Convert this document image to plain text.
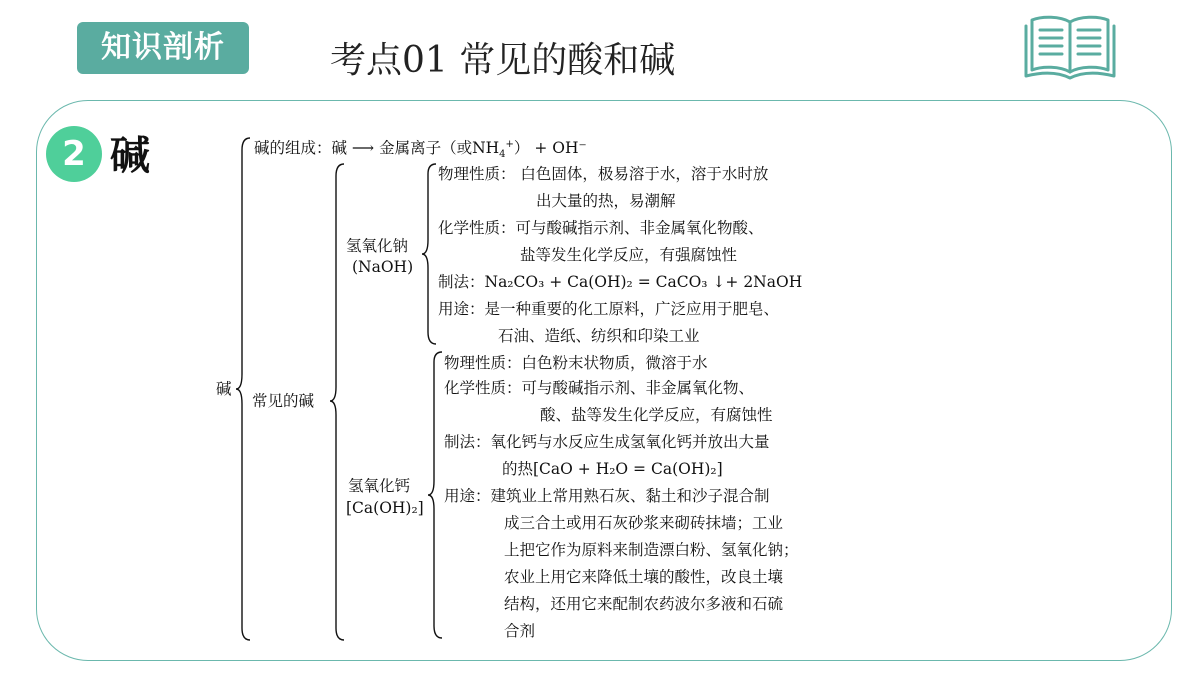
知识剖析	考点01 常见的酸和碱
2 碱
碱
碱的组成：碱 ⟶ 金属离子（或$NH_4^+) + OH^-$
常见的碱
氢氧化钠
(NaOH)
氢氧化钙
[Ca(OH)₂]
物理性质： 白色固体，极易溶于水，溶于水时放
出大量的热，易潮解
化学性质：可与酸碱指示剂、非金属氧化物酸、
盐等发生化学反应，有强腐蚀性
制法：Na₂CO₃ + Ca(OH)₂ = CaCO₃ ↓+ 2NaOH
用途：是一种重要的化工原料，广泛应用于肥皂、
石油、造纸、纺织和印染工业
物理性质：白色粉末状物质，微溶于水
化学性质：可与酸碱指示剂、非金属氧化物、
酸、盐等发生化学反应，有腐蚀性
制法：氧化钙与水反应生成氢氧化钙并放出大量
的热[CaO + H₂O = Ca(OH)₂]
用途：建筑业上常用熟石灰、黏土和沙子混合制
成三合土或用石灰砂浆来砌砖抹墙；工业
上把它作为原料来制造漂白粉、氢氧化钠；
农业上用它来降低土壤的酸性，改良土壤
结构，还用它来配制农药波尔多液和石硫
合剂
